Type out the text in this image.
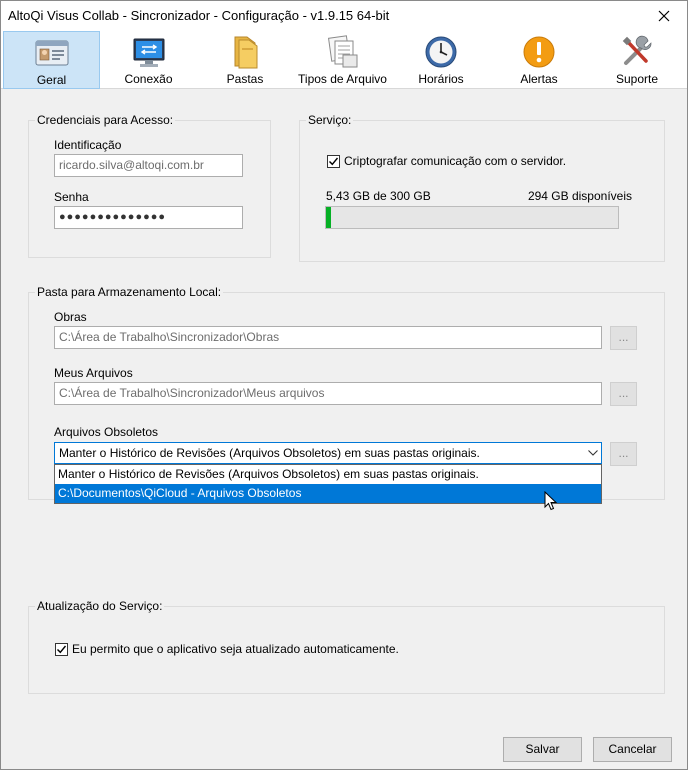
AltoQi Visus Collab - Sincronizador - Configuração - v1.9.15 64-bit
Geral	Conexão	Pastas	Tipos de Arquivo	Horários	Alertas	Suporte
Credenciais para Acesso:
Identificação
ricardo.silva@altoqi.com.br
Senha
●●●●●●●●●●●●●●
Serviço:
Criptografar comunicação com o servidor.
5,43 GB de 300 GB	294 GB disponíveis
Pasta para Armazenamento Local:
Obras
C:\Área de Trabalho\Sincronizador\Obras	...
Meus Arquivos
C:\Área de Trabalho\Sincronizador\Meus arquivos	...
Arquivos Obsoletos
Manter o Histórico de Revisões (Arquivos Obsoletos) em suas pastas originais.	...
Manter o Histórico de Revisões (Arquivos Obsoletos) em suas pastas originais.
C:\Documentos\QiCloud - Arquivos Obsoletos
Atualização do Serviço:
Eu permito que o aplicativo seja atualizado automaticamente.
Salvar	Cancelar
